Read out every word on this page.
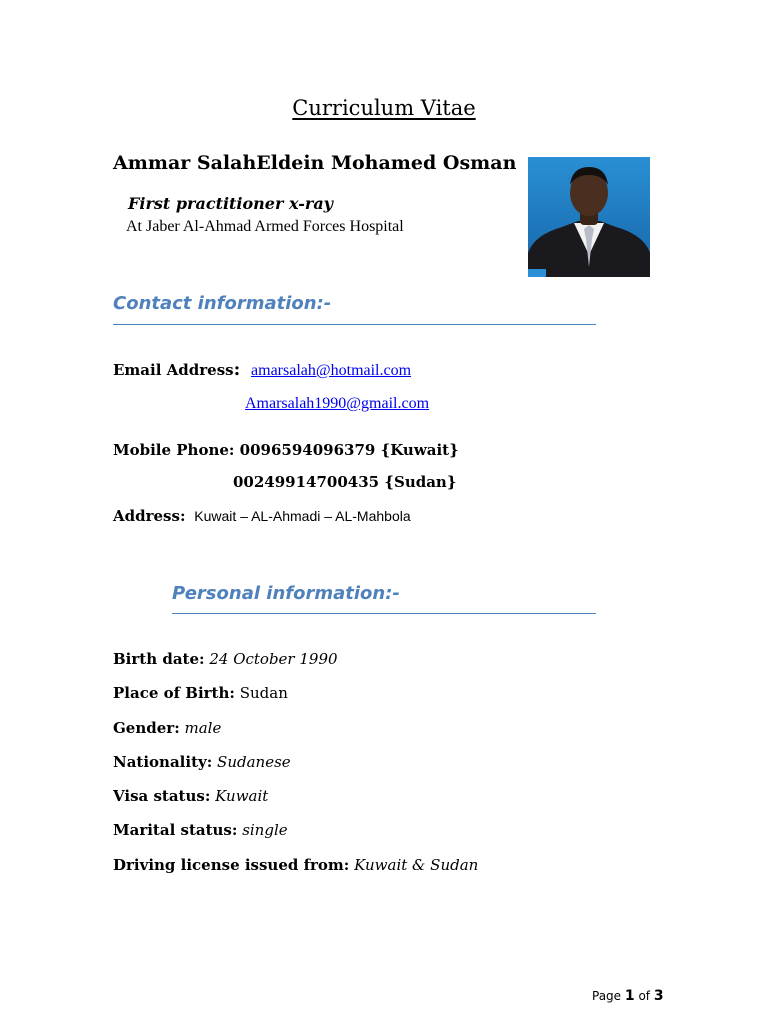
Curriculum Vitae
Ammar SalahEldein Mohamed Osman
First practitioner x-ray
At Jaber Al-Ahmad Armed Forces Hospital
Contact information:-
Email Address: amarsalah@hotmail.com
Amarsalah1990@gmail.com
Mobile Phone: 0096594096379 {Kuwait}
00249914700435 {Sudan}
Address: Kuwait – AL-Ahmadi – AL-Mahbola
Personal information:-
Birth date: 24 October 1990
Place of Birth: Sudan
Gender: male
Nationality: Sudanese
Visa status: Kuwait
Marital status: single
Driving license issued from: Kuwait & Sudan
Page 1 of 3
